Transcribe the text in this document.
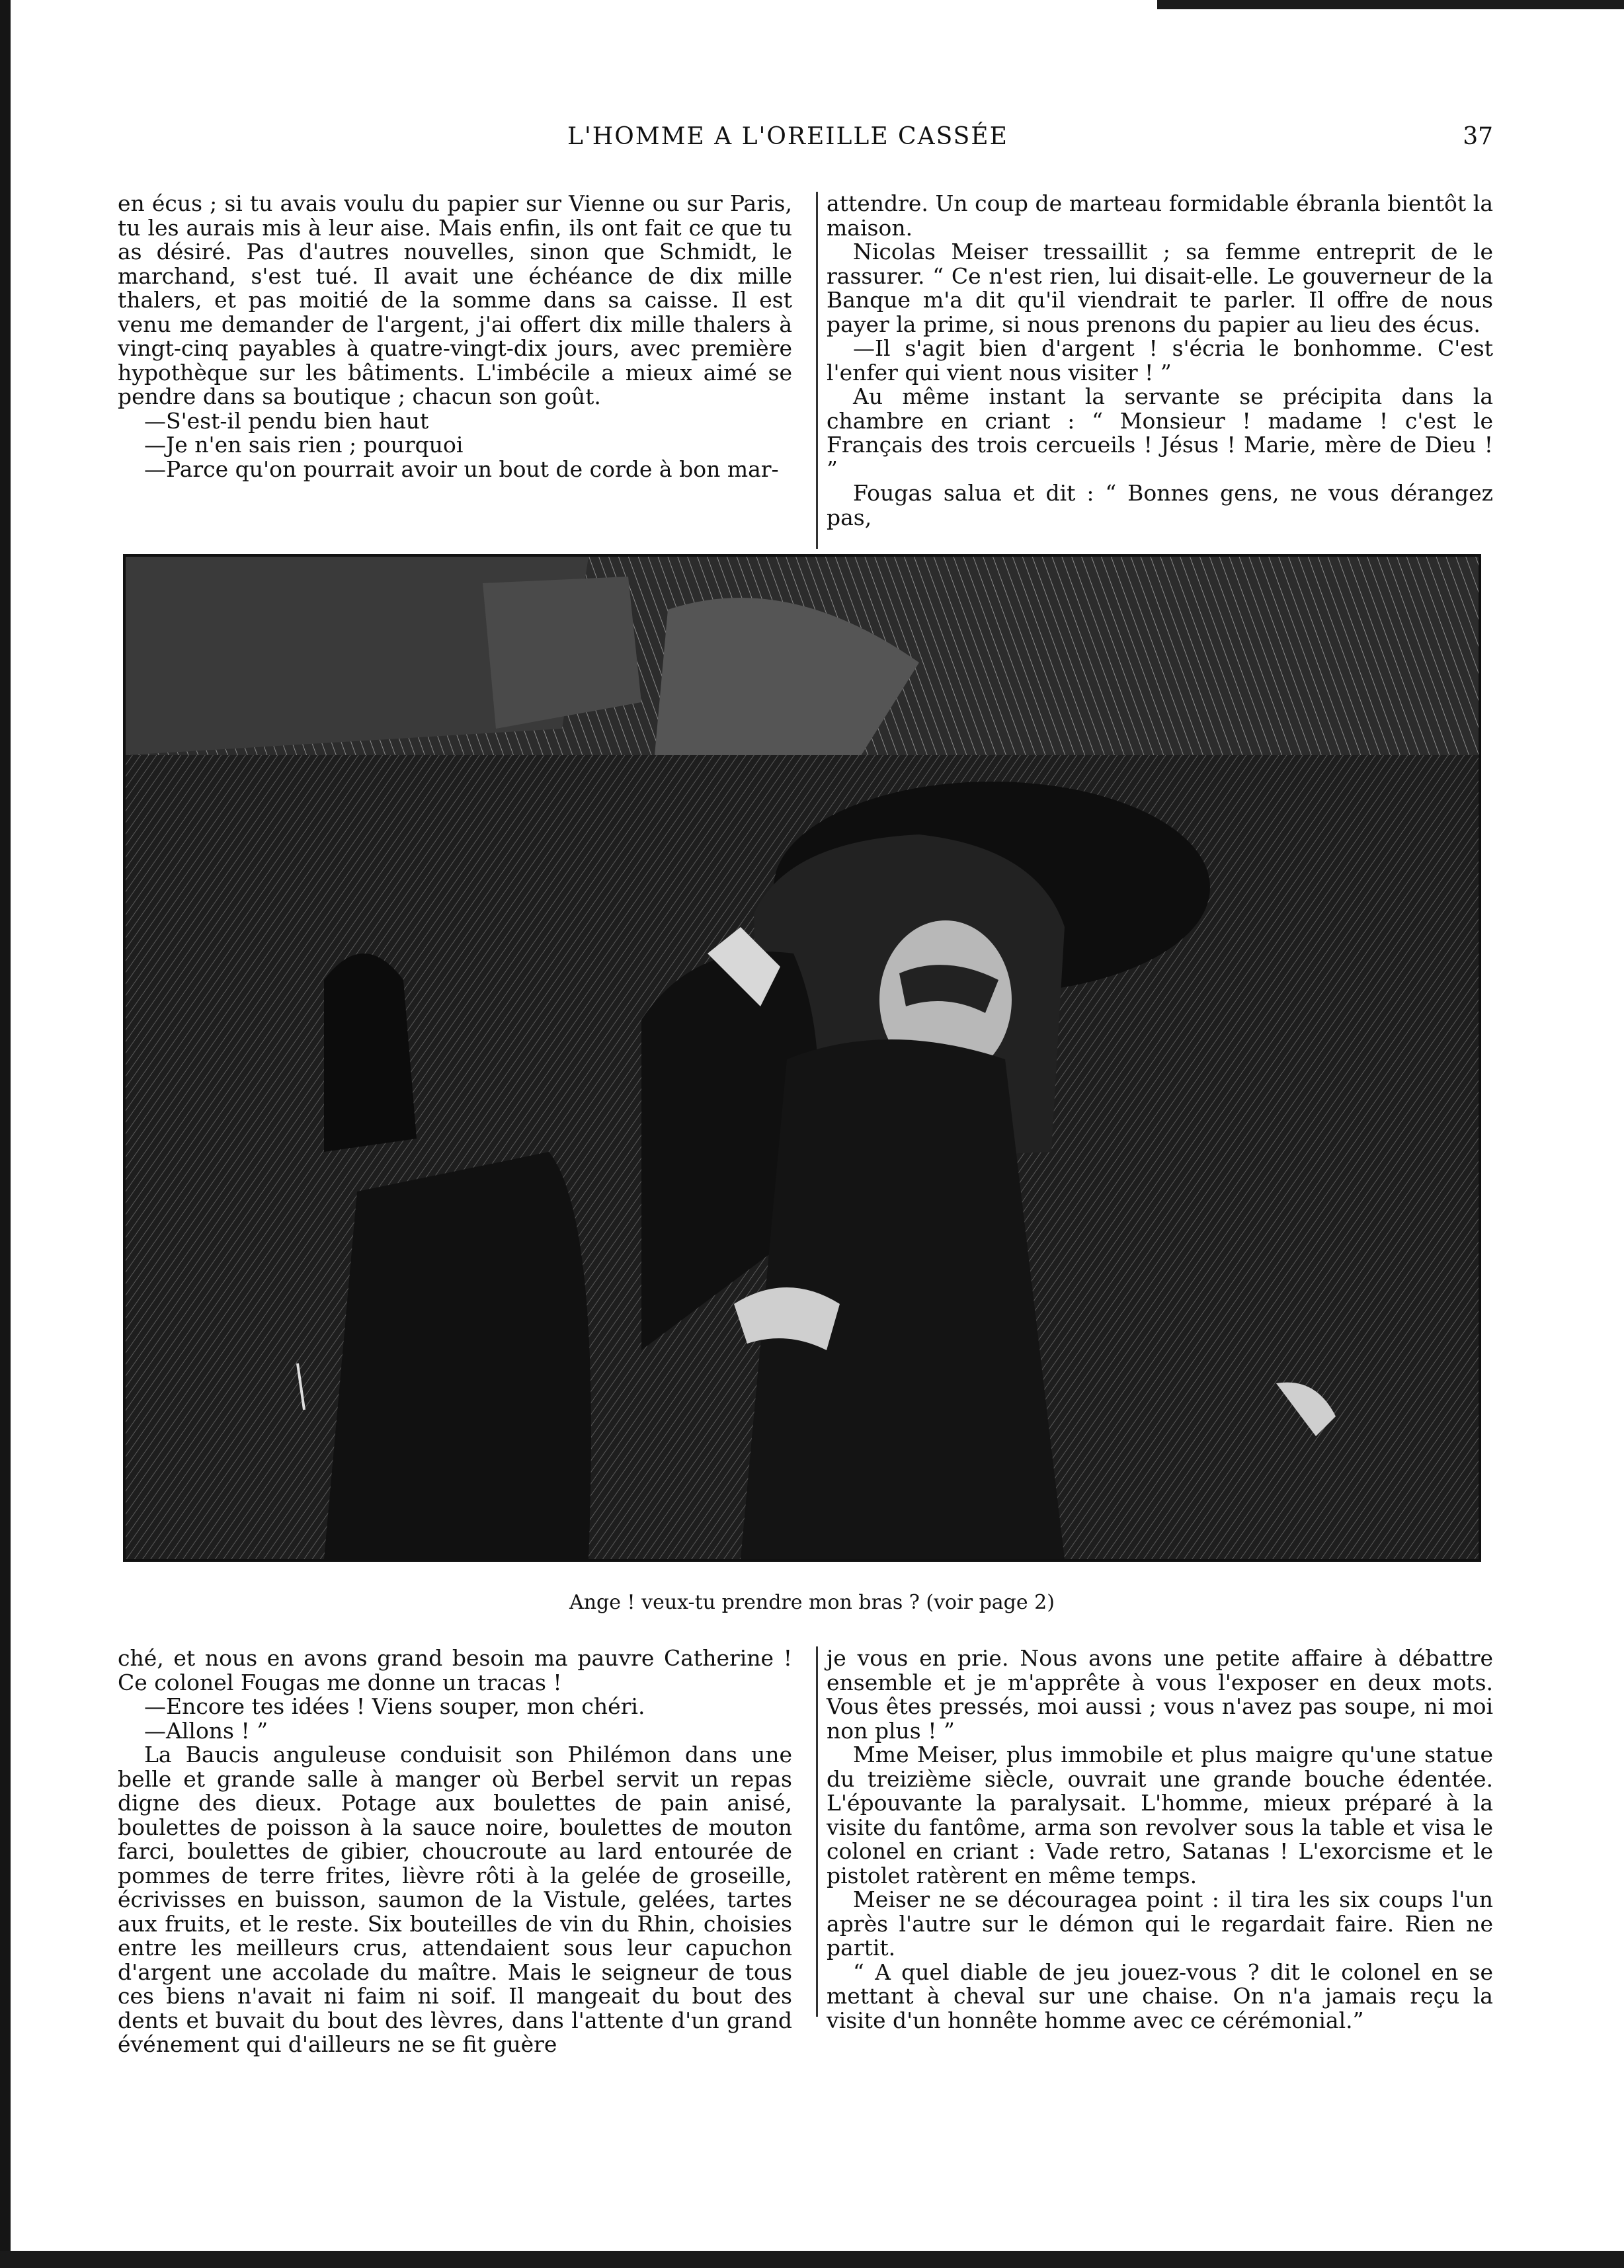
L'HOMME A L'OREILLE CASSÉE	37

en écus ; si tu avais voulu du papier sur Vienne ou sur Paris, tu les aurais mis à leur aise. Mais enfin, ils ont fait ce que tu as désiré. Pas d'autres nouvelles, sinon que Schmidt, le marchand, s'est tué. Il avait une échéance de dix mille thalers, et pas moitié de la somme dans sa caisse. Il est venu me demander de l'argent, j'ai offert dix mille thalers à vingt-cinq payables à quatre-vingt-dix jours, avec première hypothèque sur les bâtiments. L'imbécile a mieux aimé se pendre dans sa boutique ; chacun son goût.

—S'est-il pendu bien haut

—Je n'en sais rien ; pourquoi

—Parce qu'on pourrait avoir un bout de corde à bon mar-

attendre. Un coup de marteau formidable ébranla bientôt la maison.

Nicolas Meiser tressaillit ; sa femme entreprit de le rassurer. “ Ce n'est rien, lui disait-elle. Le gouverneur de la Banque m'a dit qu'il viendrait te parler. Il offre de nous payer la prime, si nous prenons du papier au lieu des écus.

—Il s'agit bien d'argent ! s'écria le bonhomme. C'est l'enfer qui vient nous visiter ! ”

Au même instant la servante se précipita dans la chambre en criant : “ Monsieur ! madame ! c'est le Français des trois cercueils ! Jésus ! Marie, mère de Dieu ! ”

Fougas salua et dit : “ Bonnes gens, ne vous dérangez pas,

Ange ! veux-tu prendre mon bras ? (voir page 2)

ché, et nous en avons grand besoin ma pauvre Catherine ! Ce colonel Fougas me donne un tracas !

—Encore tes idées ! Viens souper, mon chéri.

—Allons ! ”

La Baucis anguleuse conduisit son Philémon dans une belle et grande salle à manger où Berbel servit un repas digne des dieux. Potage aux boulettes de pain anisé, boulettes de poisson à la sauce noire, boulettes de mouton farci, boulettes de gibier, choucroute au lard entourée de pommes de terre frites, lièvre rôti à la gelée de groseille, écrivisses en buisson, saumon de la Vistule, gelées, tartes aux fruits, et le reste. Six bouteilles de vin du Rhin, choisies entre les meilleurs crus, attendaient sous leur capuchon d'argent une accolade du maître. Mais le seigneur de tous ces biens n'avait ni faim ni soif. Il mangeait du bout des dents et buvait du bout des lèvres, dans l'attente d'un grand événement qui d'ailleurs ne se fit guère

je vous en prie. Nous avons une petite affaire à débattre ensemble et je m'apprête à vous l'exposer en deux mots. Vous êtes pressés, moi aussi ; vous n'avez pas soupe, ni moi non plus ! ”

Mme Meiser, plus immobile et plus maigre qu'une statue du treizième siècle, ouvrait une grande bouche édentée. L'épouvante la paralysait. L'homme, mieux préparé à la visite du fantôme, arma son revolver sous la table et visa le colonel en criant : Vade retro, Satanas ! L'exorcisme et le pistolet ratèrent en même temps.

Meiser ne se découragea point : il tira les six coups l'un après l'autre sur le démon qui le regardait faire. Rien ne partit.

“ A quel diable de jeu jouez-vous ? dit le colonel en se mettant à cheval sur une chaise. On n'a jamais reçu la visite d'un honnête homme avec ce cérémonial.”
